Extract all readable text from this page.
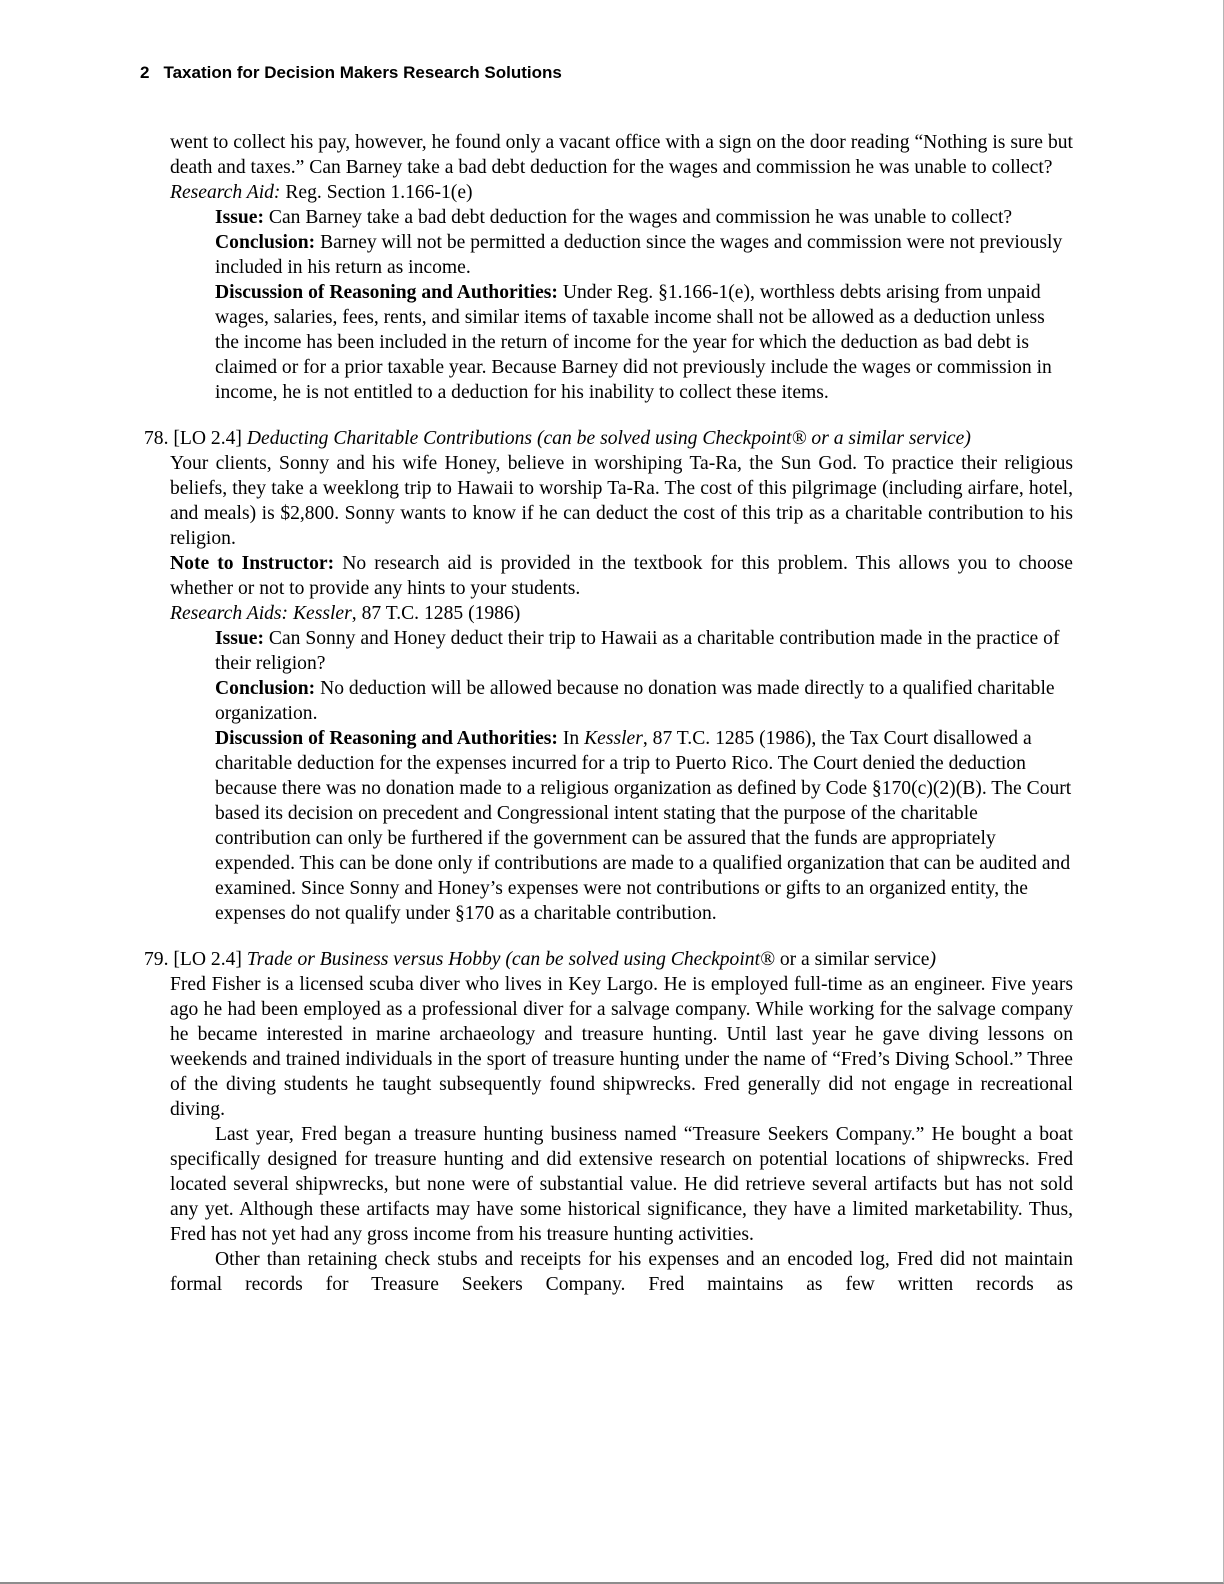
2 Taxation for Decision Makers Research Solutions

went to collect his pay, however, he found only a vacant office with a sign on the door reading “Nothing is sure but death and taxes.” Can Barney take a bad debt deduction for the wages and commission he was unable to collect?

Research Aid: Reg. Section 1.166-1(e)

Issue: Can Barney take a bad debt deduction for the wages and commission he was unable to collect? Conclusion: Barney will not be permitted a deduction since the wages and commission were not previously included in his return as income.

Discussion of Reasoning and Authorities: Under Reg. §1.166-1(e), worthless debts arising from unpaid wages, salaries, fees, rents, and similar items of taxable income shall not be allowed as a deduction unless the income has been included in the return of income for the year for which the deduction as bad debt is claimed or for a prior taxable year. Because Barney did not previously include the wages or commission in income, he is not entitled to a deduction for his inability to collect these items.

78. [LO 2.4] Deducting Charitable Contributions (can be solved using Checkpoint® or a similar service)

Your clients, Sonny and his wife Honey, believe in worshiping Ta-Ra, the Sun God. To practice their religious beliefs, they take a weeklong trip to Hawaii to worship Ta-Ra. The cost of this pilgrimage (including airfare, hotel, and meals) is $2,800. Sonny wants to know if he can deduct the cost of this trip as a charitable contribution to his religion.

Note to Instructor: No research aid is provided in the textbook for this problem. This allows you to choose whether or not to provide any hints to your students.

Research Aids: Kessler, 87 T.C. 1285 (1986)

Issue: Can Sonny and Honey deduct their trip to Hawaii as a charitable contribution made in the practice of their religion?

Conclusion: No deduction will be allowed because no donation was made directly to a qualified charitable organization.

Discussion of Reasoning and Authorities: In Kessler, 87 T.C. 1285 (1986), the Tax Court disallowed a charitable deduction for the expenses incurred for a trip to Puerto Rico. The Court denied the deduction because there was no donation made to a religious organization as defined by Code §170(c)(2)(B). The Court based its decision on precedent and Congressional intent stating that the purpose of the charitable contribution can only be furthered if the government can be assured that the funds are appropriately expended. This can be done only if contributions are made to a qualified organization that can be audited and examined. Since Sonny and Honey’s expenses were not contributions or gifts to an organized entity, the expenses do not qualify under §170 as a charitable contribution.

79. [LO 2.4] Trade or Business versus Hobby (can be solved using Checkpoint® or a similar service)

Fred Fisher is a licensed scuba diver who lives in Key Largo. He is employed full-time as an engineer. Five years ago he had been employed as a professional diver for a salvage company. While working for the salvage company he became interested in marine archaeology and treasure hunting. Until last year he gave diving lessons on weekends and trained individuals in the sport of treasure hunting under the name of “Fred’s Diving School.” Three of the diving students he taught subsequently found shipwrecks. Fred generally did not engage in recreational diving.

Last year, Fred began a treasure hunting business named “Treasure Seekers Company.” He bought a boat specifically designed for treasure hunting and did extensive research on potential locations of shipwrecks. Fred located several shipwrecks, but none were of substantial value. He did retrieve several artifacts but has not sold any yet. Although these artifacts may have some historical significance, they have a limited marketability. Thus, Fred has not yet had any gross income from his treasure hunting activities.

Other than retaining check stubs and receipts for his expenses and an encoded log, Fred did not maintain formal records for Treasure Seekers Company. Fred maintains as few written records as
